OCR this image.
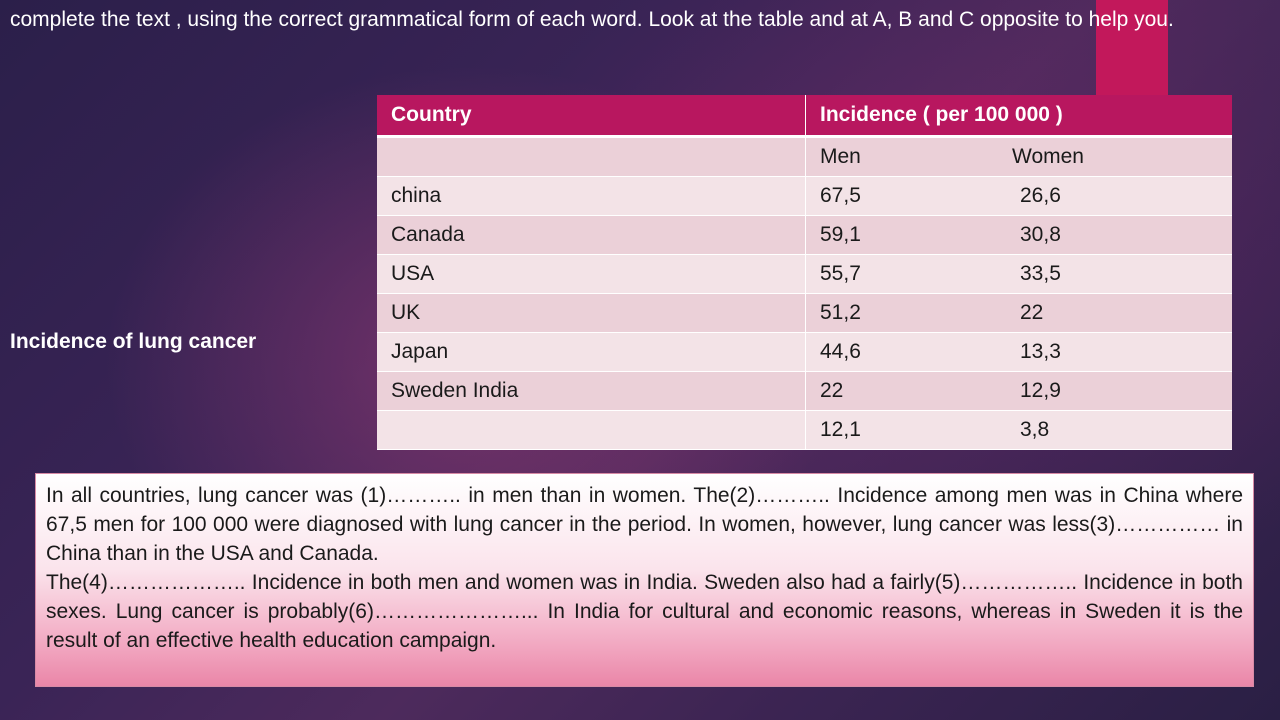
complete the text , using the correct grammatical form of each word. Look at the table and at A, B and C opposite to help you.

Incidence of lung cancer

Country	Incidence ( per 100 000 )

	Men Women

china	67,5 26,6

Canada	59,1 30,8

USA	55,7 33,5

UK	51,2 22

Japan	44,6 13,3

Sweden India	22 12,9

	12,1 3,8

In all countries, lung cancer was (1)……….. in men than in women. The(2)……….. Incidence among men was in China where 67,5 men for 100 000 were diagnosed with lung cancer in the period. In women, however, lung cancer was less(3)…………… in China than in the USA and Canada.

The(4)……………….. Incidence in both men and women was in India. Sweden also had a fairly(5)…………….. Incidence in both sexes. Lung cancer is probably(6)…………………... In India for cultural and economic reasons, whereas in Sweden it is the result of an effective health education campaign.
